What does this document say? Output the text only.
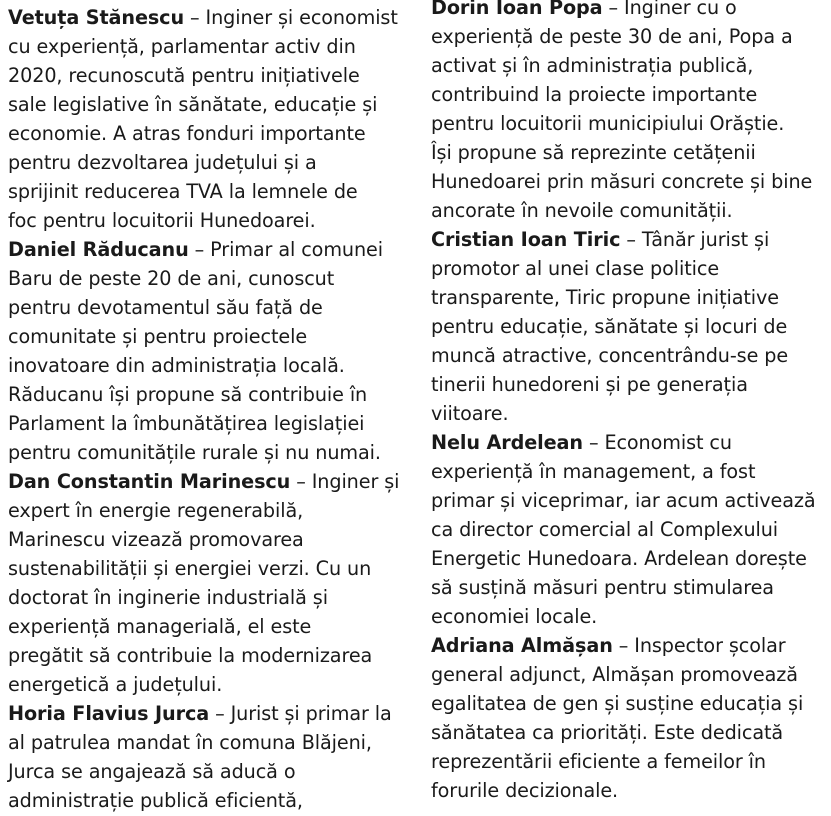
Vetuța Stănescu – Inginer și economist
cu experiență, parlamentar activ din
2020, recunoscută pentru inițiativele
sale legislative în sănătate, educație și
economie. A atras fonduri importante
pentru dezvoltarea județului și a
sprijinit reducerea TVA la lemnele de
foc pentru locuitorii Hunedoarei.
Daniel Răducanu – Primar al comunei
Baru de peste 20 de ani, cunoscut
pentru devotamentul său față de
comunitate și pentru proiectele
inovatoare din administrația locală.
Răducanu își propune să contribuie în
Parlament la îmbunătățirea legislației
pentru comunitățile rurale și nu numai.
Dan Constantin Marinescu – Inginer și
expert în energie regenerabilă,
Marinescu vizează promovarea
sustenabilității și energiei verzi. Cu un
doctorat în inginerie industrială și
experiență managerială, el este
pregătit să contribuie la modernizarea
energetică a județului.
Horia Flavius Jurca – Jurist și primar la
al patrulea mandat în comuna Blăjeni,
Jurca se angajează să aducă o
administrație publică eficientă,
Dorin Ioan Popa – Inginer cu o
experiență de peste 30 de ani, Popa a
activat și în administrația publică,
contribuind la proiecte importante
pentru locuitorii municipiului Orăștie.
Își propune să reprezinte cetățenii
Hunedoarei prin măsuri concrete și bine
ancorate în nevoile comunității.
Cristian Ioan Tiric – Tânăr jurist și
promotor al unei clase politice
transparente, Tiric propune inițiative
pentru educație, sănătate și locuri de
muncă atractive, concentrându-se pe
tinerii hunedoreni și pe generația
viitoare.
Nelu Ardelean – Economist cu
experiență în management, a fost
primar și viceprimar, iar acum activează
ca director comercial al Complexului
Energetic Hunedoara. Ardelean dorește
să susțină măsuri pentru stimularea
economiei locale.
Adriana Almășan – Inspector școlar
general adjunct, Almășan promovează
egalitatea de gen și susține educația și
sănătatea ca priorități. Este dedicată
reprezentării eficiente a femeilor în
forurile decizionale.
